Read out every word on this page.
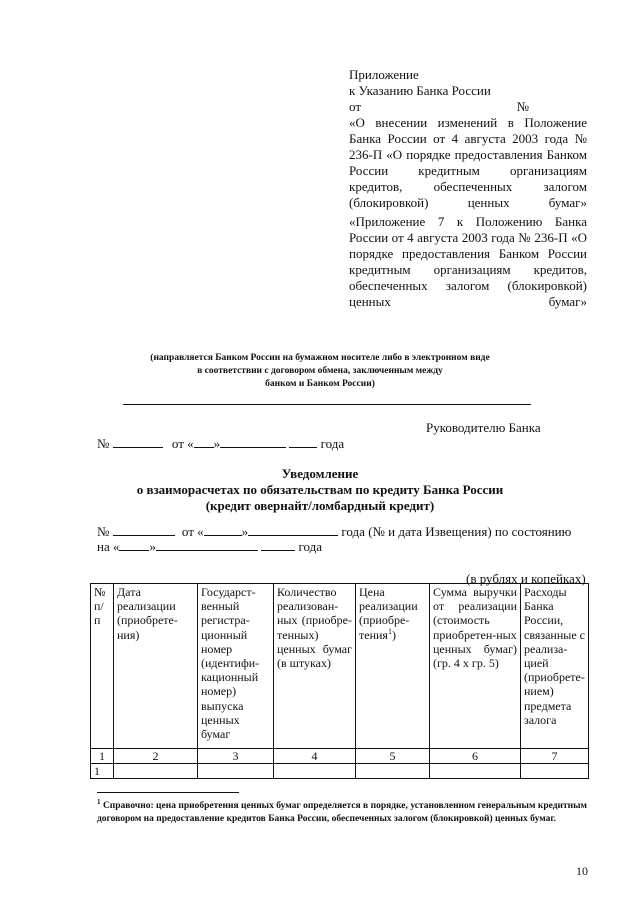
Приложение
к Указанию Банка России
от	№
«О внесении изменений в Положение Банка России от 4 августа 2003 года № 236-П «О порядке предоставления Банком России кредитным организациям кредитов, обеспеченных залогом (блокировкой) ценных бумаг»
«Приложение 7 к Положению Банка России от 4 августа 2003 года № 236-П «О порядке предоставления Банком России кредитным организациям кредитов, обеспеченных залогом (блокировкой) ценных бумаг»
(направляется Банком России на бумажном носителе либо в электронном виде
в соответствии с договором обмена, заключенным между
банком и Банком России)
Руководителю Банка
№	от « »	года
Уведомление
о взаиморасчетах по обязательствам по кредиту Банка России
(кредит овернайт/ломбардный кредит)
№	от «	»	года (№ и дата Извещения) по состоянию
на « »	года
(в рублях и копейках)
№ п/п	Дата реализации (приобрете-ния)	Государст-венный регистра-ционный номер (идентифи-кационный номер) выпуска ценных бумаг	Количество реализован-ных (приобре-тенных) ценных бумаг (в штуках)	Цена реализации (приобре-тения$^1$)	Сумма выручки от реализации (стоимость приобретен-ных ценных бумаг) (гр. 4 х гр. 5)	Расходы Банка России, связанные с реализа-цией (приобрете-нием) предмета залога
1	2	3	4	5	6	7
1						
$^1$ Справочно: цена приобретения ценных бумаг определяется в порядке, установленном генеральным кредитным договором на предоставление кредитов Банка России, обеспеченных залогом (блокировкой) ценных бумаг.
10
